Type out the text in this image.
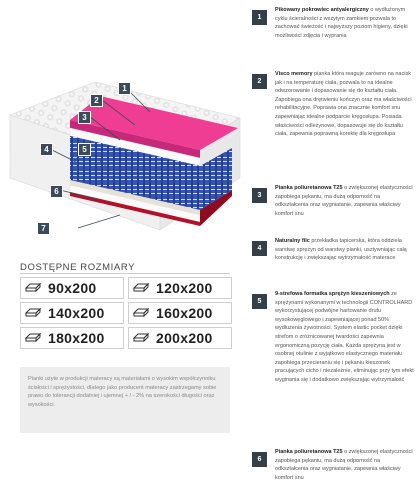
1
2
3
4	5
6
7
DOSTĘPNE ROZMIARY
90x200	120x200
140x200	160x200
180x200	200x200
Pianki użyte w produkcji materacy są materiałami o wysokim współczynniku ścisłości i sprężystości, dlatego jako producent materacy zastrzegamy sobie prawo do tolerancji dodatniej i ujemnej + / - 2% na szerokości długości oraz wysokości.
1
Pikowany pokrowiec antyalergiczny o wydłużonym cyklu ścieralności z wszytym zamkiem pozwala to zachować świeżość i najwyższy poziom higieny, dzięki możliwości zdjęcia i wyprania
2
Visco memory pianka która reaguje zarówno na nacisk jak i na temperaturę ciała, pozwala to na idealne odwzorowanie i dopasowanie się do kształtu ciała. Zapobiega ona drętwieniu kończyn oraz ma właściwości rehabilitacyjne. Poprawia ona znacznie komfort snu zapewniając idealne podparcie kręgosłupa. Posiada właściwości odleżynowe, dopasowuje się do kształtu ciała, zapewnia poprawną korektę dla kręgosłupa
3
Pianka poliuretanowa T25 o zwiększonej elastyczności zapobiega pękaniu, ma dużą odporność na odkształcenia oraz wygniatanie, zapewnia właściwy komfort snu
4
Naturalny filc przekładka tapicerska, która oddziela warstwę sprężyn od warstwy pianki, usztywniając całą konstrukcję i zwiększając wytrzymałość materace
5
9-strefowa formatka sprężyn kieszeniowych ze sprężynami wykonanymi w technologii CONTROLHARD wykorzystującej podwójne hartowanie drutu wysokowęglowego i zapewniającej ponad 50% wydłużenia żywotności. System elastic pocket dzięki strefom o zróżnicowanej twardości zapewnia ergonomiczną pozycję ciała. Każda sprężyna jest w osobnej otulinie z wyjątkowo elastycznego materiału zapobiega przecieraniu się i pękaniu kieszonek pracujących cicho i niezależnie, eliminując przy tym efekt wyginania się i dodatkowo zwiększając wytrzymałość
6
Pianka poliuretanowa T25 o zwiększonej elastyczności zapobiega pękaniu, ma dużą odporność na odkształcenia oraz wygniatanie, zapewnia właściwy komfort snu
